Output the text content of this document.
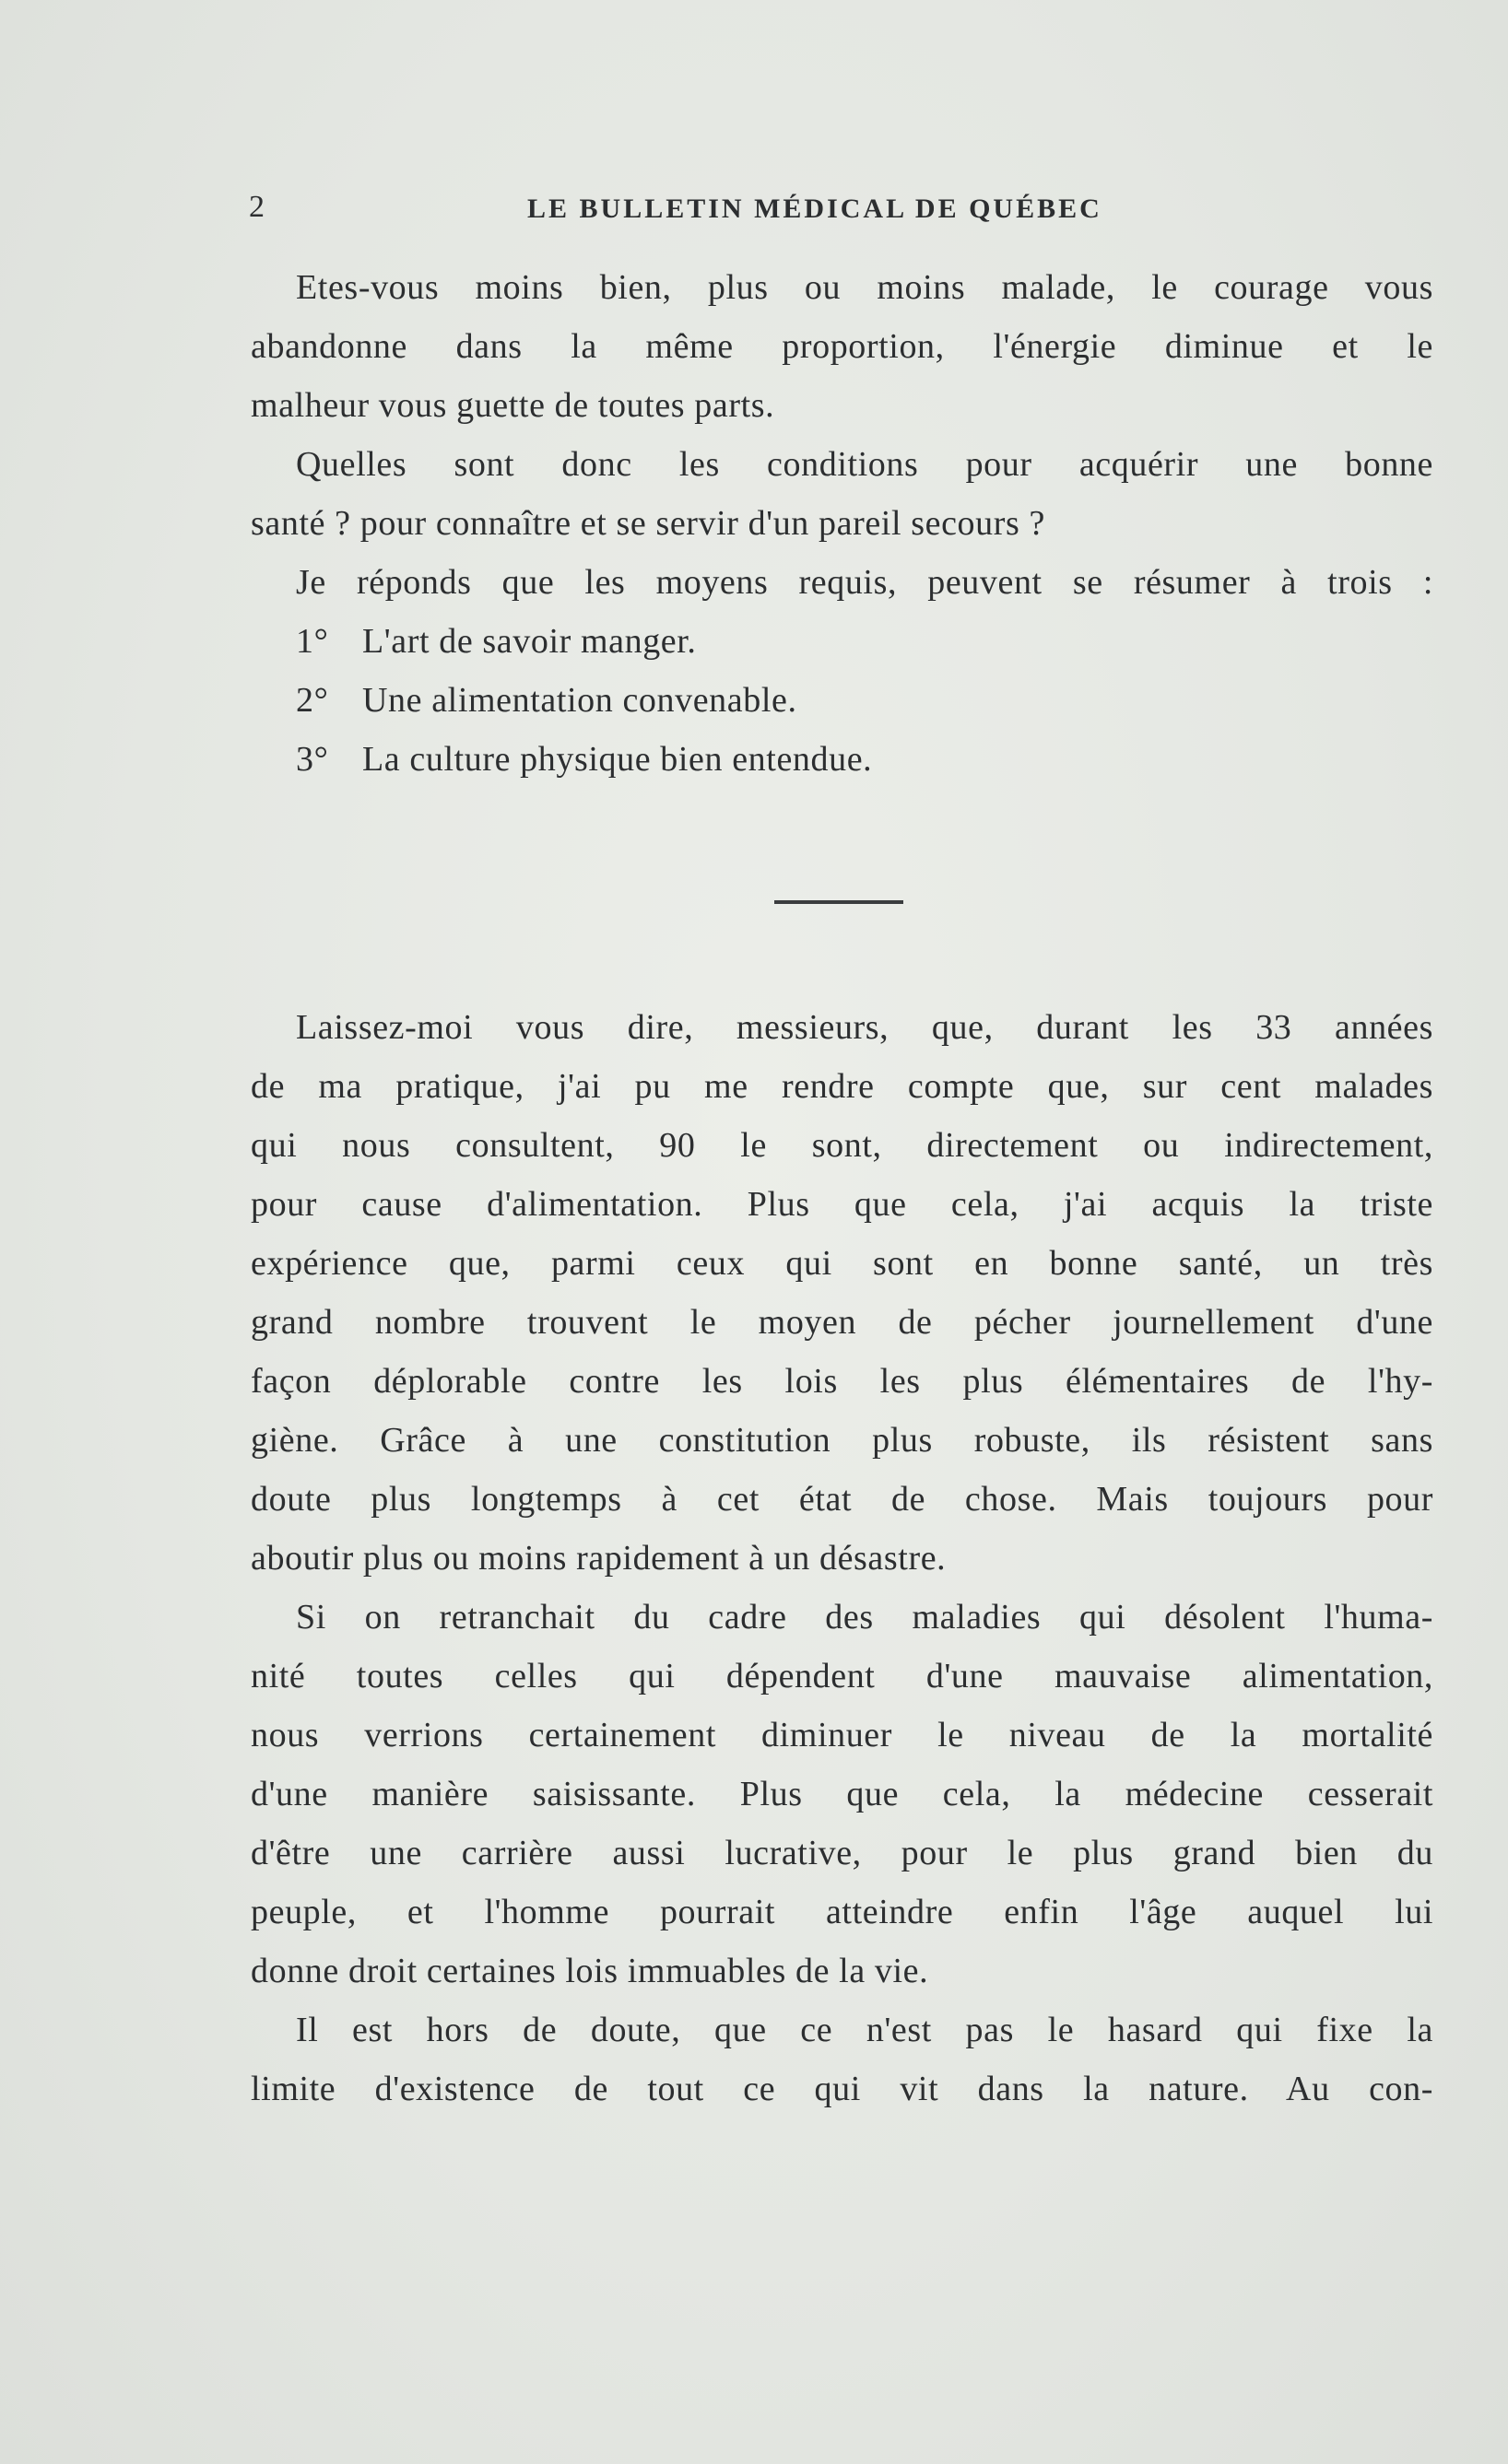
2	LE BULLETIN MÉDICAL DE QUÉBEC
Etes-vous moins bien, plus ou moins malade, le courage vous
abandonne dans la même proportion, l'énergie diminue et le
malheur vous guette de toutes parts.
Quelles sont donc les conditions pour acquérir une bonne
santé ? pour connaître et se servir d'un pareil secours ?
Je réponds que les moyens requis, peuvent se résumer à trois :
1° L'art de savoir manger.
2° Une alimentation convenable.
3° La culture physique bien entendue.
Laissez-moi vous dire, messieurs, que, durant les 33 années
de ma pratique, j'ai pu me rendre compte que, sur cent malades
qui nous consultent, 90 le sont, directement ou indirectement,
pour cause d'alimentation. Plus que cela, j'ai acquis la triste
expérience que, parmi ceux qui sont en bonne santé, un très
grand nombre trouvent le moyen de pécher journellement d'une
façon déplorable contre les lois les plus élémentaires de l'hy-
giène. Grâce à une constitution plus robuste, ils résistent sans
doute plus longtemps à cet état de chose. Mais toujours pour
aboutir plus ou moins rapidement à un désastre.
Si on retranchait du cadre des maladies qui désolent l'huma-
nité toutes celles qui dépendent d'une mauvaise alimentation,
nous verrions certainement diminuer le niveau de la mortalité
d'une manière saisissante. Plus que cela, la médecine cesserait
d'être une carrière aussi lucrative, pour le plus grand bien du
peuple, et l'homme pourrait atteindre enfin l'âge auquel lui
donne droit certaines lois immuables de la vie.
Il est hors de doute, que ce n'est pas le hasard qui fixe la
limite d'existence de tout ce qui vit dans la nature. Au con-
